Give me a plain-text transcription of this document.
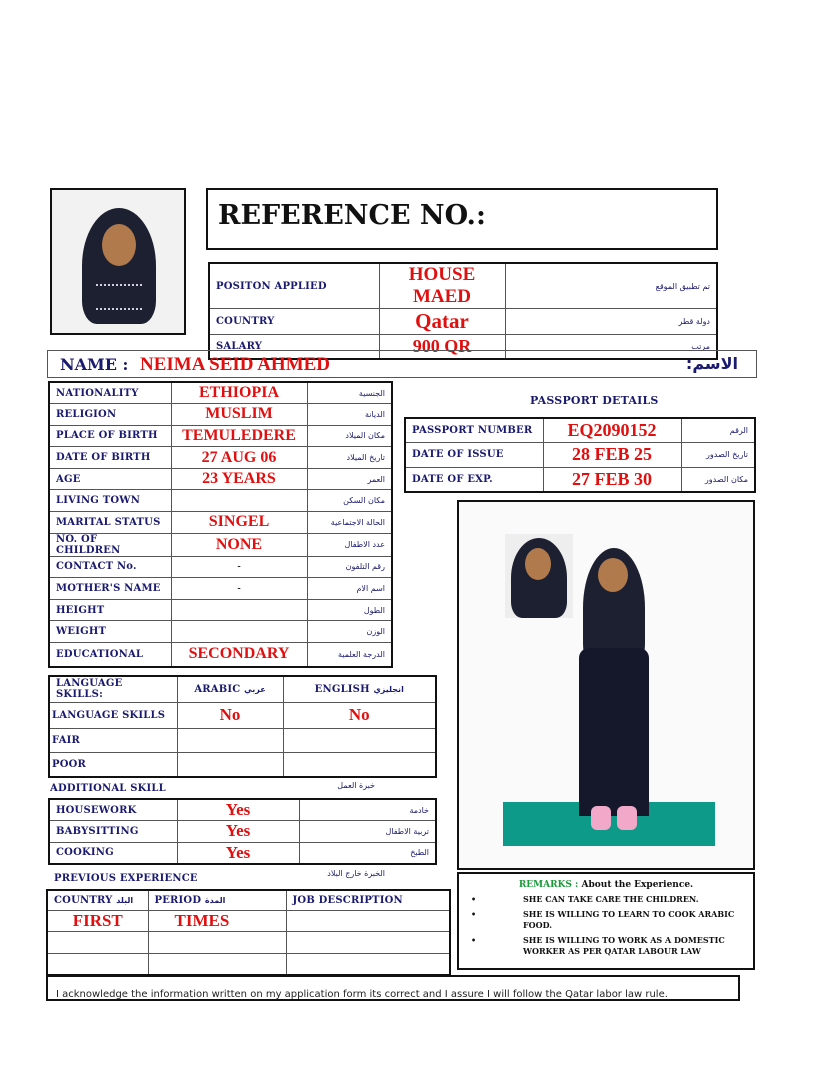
REFERENCE NO.:
POSITON APPLIED	HOUSE MAED	تم تطبيق الموقع
COUNTRY	Qatar	دولة قطر
SALARY	900 QR	مرتب
NAME : NEIMA SEID AHMED	الاسم:
NATIONALITY	ETHIOPIA	الجنسية
RELIGION	MUSLIM	الديانة
PLACE OF BIRTH	TEMULEDERE	مكان الميلاد
DATE OF BIRTH	27 AUG 06	تاريخ الميلاد
AGE	23 YEARS	العمر
LIVING TOWN		مكان السكن
MARITAL STATUS	SINGEL	الحالة الاجتماعية
NO. OF CHILDREN	NONE	عدد الاطفال
CONTACT No.	-	رقم التلفون
MOTHER'S NAME	-	اسم الام
HEIGHT		الطول
WEIGHT		الوزن
EDUCATIONAL	SECONDARY	الدرجة العلمية
PASSPORT DETAILS
PASSPORT NUMBER	EQ2090152	الرقم
DATE OF ISSUE	28 FEB 25	تاريخ الصدور
DATE OF EXP.	27 FEB 30	مكان الصدور
LANGUAGE SKILLS:	ARABIC عربي	ENGLISH انجليزي
LANGUAGE SKILLS	No	No
FAIR		
POOR		
ADDITIONAL SKILL	خبرة العمل
HOUSEWORK	Yes	خادمة
BABYSITTING	Yes	تربية الاطفال
COOKING	Yes	الطبخ
PREVIOUS EXPERIENCE	الخبرة خارج البلاد
COUNTRY البلد	PERIOD المدة	JOB DESCRIPTION
FIRST	TIMES	

REMARKS : About the Experience.
•	SHE CAN TAKE CARE THE CHILDREN.
•	SHE IS WILLING TO LEARN TO COOK ARABIC FOOD.
•	SHE IS WILLING TO WORK AS A DOMESTIC WORKER AS PER QATAR LABOUR LAW
I acknowledge the information written on my application form its correct and I assure I will follow the Qatar labor law rule.
